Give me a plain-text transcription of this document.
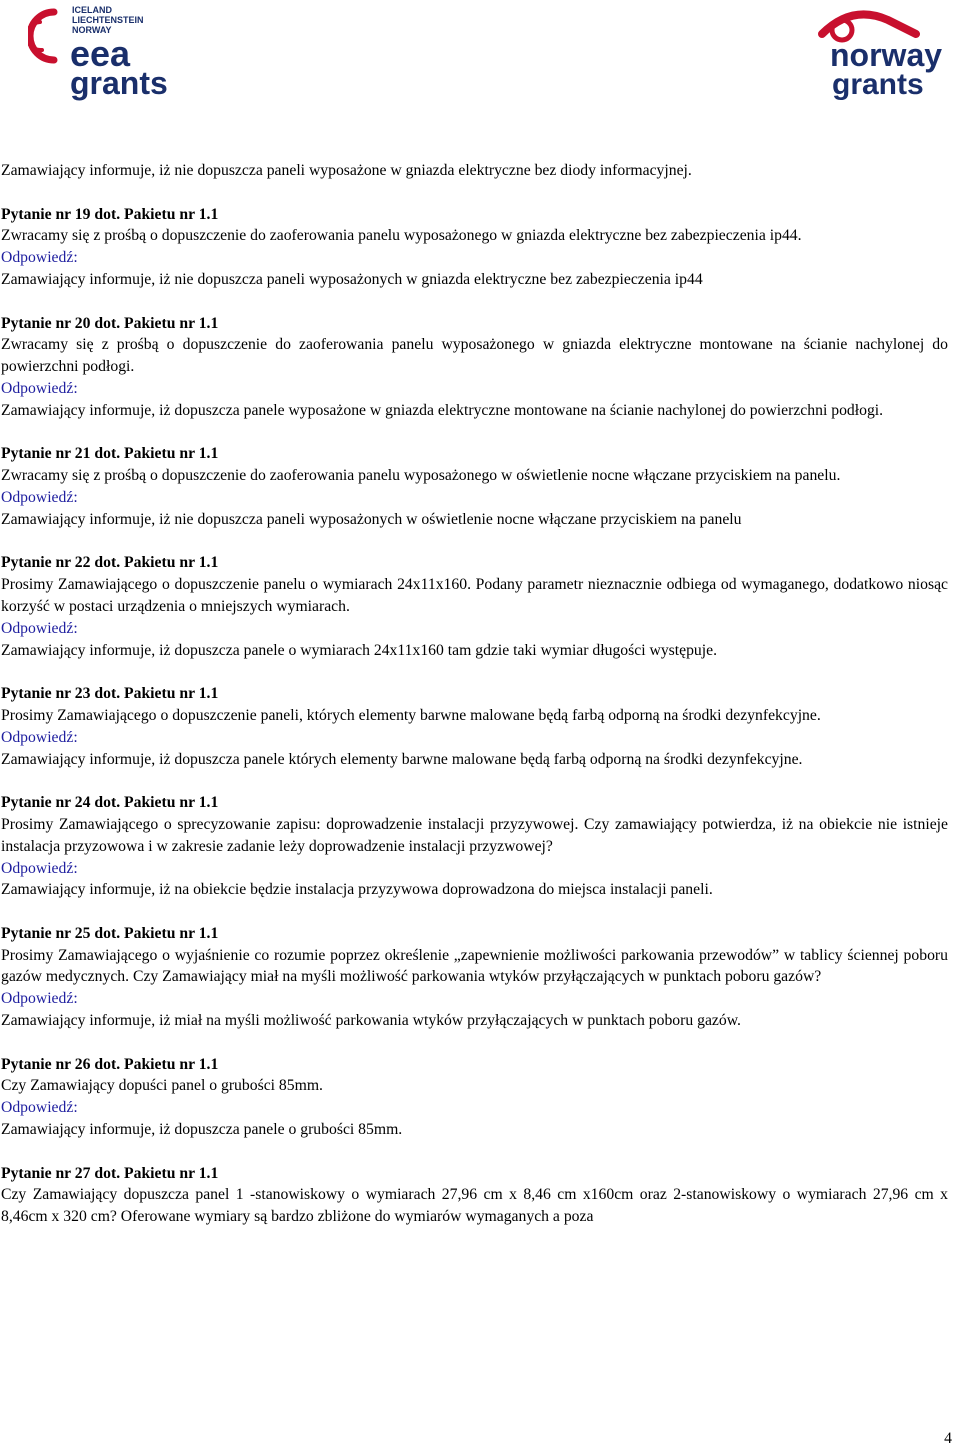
ICELAND
LIECHTENSTEIN
NORWAY
eea
grants
norway
grants

Zamawiający informuje, iż nie dopuszcza paneli wyposażone w gniazda elektryczne bez diody informacyjnej.

Pytanie nr 19 dot. Pakietu nr 1.1

Zwracamy się z prośbą o dopuszczenie do zaoferowania panelu wyposażonego w gniazda elektryczne bez zabezpieczenia ip44.

Odpowiedź:

Zamawiający informuje, iż nie dopuszcza paneli wyposażonych w gniazda elektryczne bez zabezpieczenia ip44

Pytanie nr 20 dot. Pakietu nr 1.1

Zwracamy się z prośbą o dopuszczenie do zaoferowania panelu wyposażonego w gniazda elektryczne montowane na ścianie nachylonej do powierzchni podłogi.

Odpowiedź:

Zamawiający informuje, iż dopuszcza panele wyposażone w gniazda elektryczne montowane na ścianie nachylonej do powierzchni podłogi.

Pytanie nr 21 dot. Pakietu nr 1.1

Zwracamy się z prośbą o dopuszczenie do zaoferowania panelu wyposażonego w oświetlenie nocne włączane przyciskiem na panelu.

Odpowiedź:

Zamawiający informuje, iż nie dopuszcza paneli wyposażonych w oświetlenie nocne włączane przyciskiem na panelu

Pytanie nr 22 dot. Pakietu nr 1.1

Prosimy Zamawiającego o dopuszczenie panelu o wymiarach 24x11x160. Podany parametr nieznacznie odbiega od wymaganego, dodatkowo niosąc korzyść w postaci urządzenia o mniejszych wymiarach.

Odpowiedź:

Zamawiający informuje, iż dopuszcza panele o wymiarach 24x11x160 tam gdzie taki wymiar długości występuje.

Pytanie nr 23 dot. Pakietu nr 1.1

Prosimy Zamawiającego o dopuszczenie paneli, których elementy barwne malowane będą farbą odporną na środki dezynfekcyjne.

Odpowiedź:

Zamawiający informuje, iż dopuszcza panele których elementy barwne malowane będą farbą odporną na środki dezynfekcyjne.

Pytanie nr 24 dot. Pakietu nr 1.1

Prosimy Zamawiającego o sprecyzowanie zapisu: doprowadzenie instalacji przyzywowej. Czy zamawiający potwierdza, iż na obiekcie nie istnieje instalacja przyzowowa i w zakresie zadanie leży doprowadzenie instalacji przyzwowej?

Odpowiedź:

Zamawiający informuje, iż na obiekcie będzie instalacja przyzywowa doprowadzona do miejsca instalacji paneli.

Pytanie nr 25 dot. Pakietu nr 1.1

Prosimy Zamawiającego o wyjaśnienie co rozumie poprzez określenie „zapewnienie możliwości parkowania przewodów” w tablicy ściennej poboru gazów medycznych. Czy Zamawiający miał na myśli możliwość parkowania wtyków przyłączających w punktach poboru gazów?

Odpowiedź:

Zamawiający informuje, iż miał na myśli możliwość parkowania wtyków przyłączających w punktach poboru gazów.

Pytanie nr 26 dot. Pakietu nr 1.1

Czy Zamawiający dopuści panel o grubości 85mm.

Odpowiedź:

Zamawiający informuje, iż dopuszcza panele o grubości 85mm.

Pytanie nr 27 dot. Pakietu nr 1.1

Czy Zamawiający dopuszcza panel 1 -stanowiskowy o wymiarach 27,96 cm x 8,46 cm x160cm oraz 2-stanowiskowy o wymiarach 27,96 cm x 8,46cm x 320 cm? Oferowane wymiary są bardzo zbliżone do wymiarów wymaganych a poza

4
